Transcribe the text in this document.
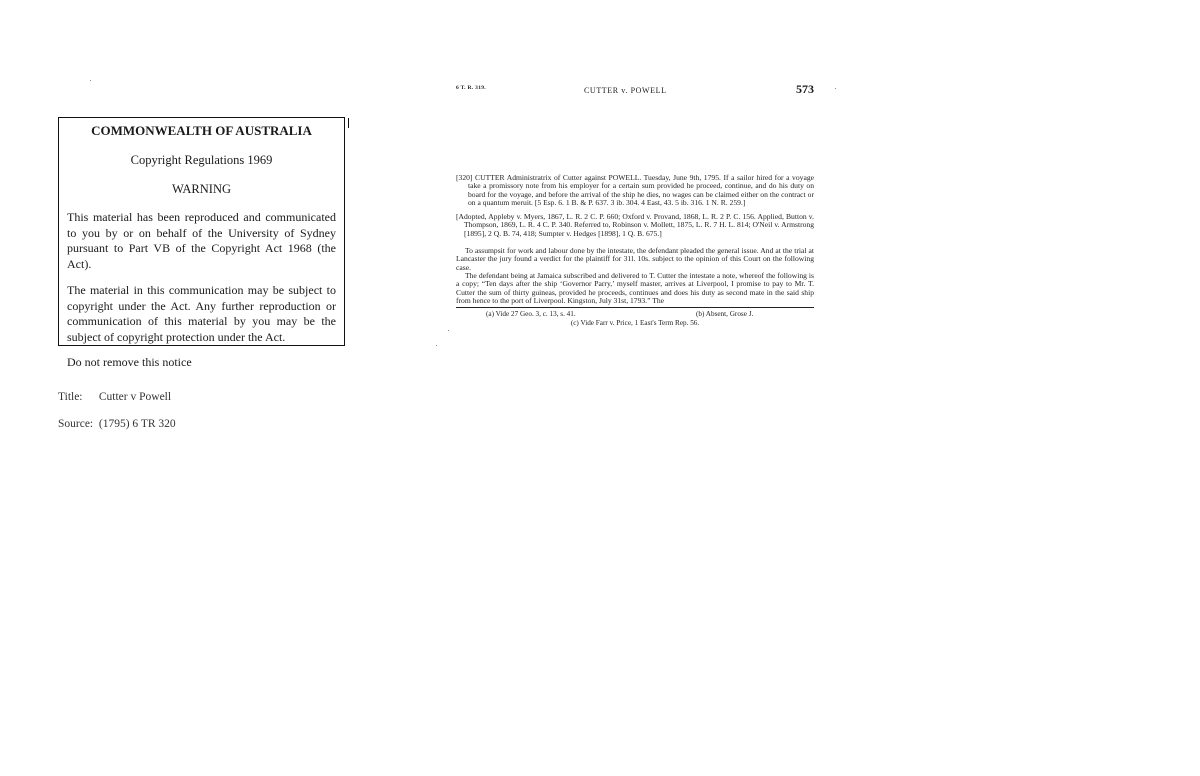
COMMONWEALTH OF AUSTRALIA
Copyright Regulations 1969
WARNING

This material has been reproduced and communicated to you by or on behalf of the University of Sydney pursuant to Part VB of the Copyright Act 1968 (the Act).

The material in this communication may be subject to copyright under the Act. Any further reproduction or communication of this material by you may be the subject of copyright protection under the Act.

Do not remove this notice

Title: Cutter v Powell
Source: (1795) 6 TR 320
6 T. R. 319.	CUTTER v. POWELL	573
[320] CUTTER Administratrix of Cutter against POWELL. Tuesday, June 9th, 1795. If a sailor hired for a voyage take a promissory note from his employer for a certain sum provided he proceed, continue, and do his duty on board for the voyage, and before the arrival of the ship he dies, no wages can be claimed either on the contract or on a quantum meruit. [5 Esp. 6. 1 B. & P. 637. 3 ib. 304. 4 East, 43. 5 ib. 316. 1 N. R. 259.]
[Adopted, Appleby v. Myers, 1867, L. R. 2 C. P. 660; Oxford v. Provand, 1868, L. R. 2 P. C. 156. Applied, Button v. Thompson, 1869, L. R. 4 C. P. 340. Referred to, Robinson v. Mollett, 1875, L. R. 7 H. L. 814; O'Neil v. Armstrong [1895], 2 Q. B. 74, 418; Sumpter v. Hedges [1898], 1 Q. B. 675.]
To assumpsit for work and labour done by the intestate, the defendant pleaded the general issue. And at the trial at Lancaster the jury found a verdict for the plaintiff for 31l. 10s. subject to the opinion of this Court on the following case.
The defendant being at Jamaica subscribed and delivered to T. Cutter the intestate a note, whereof the following is a copy; “Ten days after the ship ‘Governor Parry,’ myself master, arrives at Liverpool, I promise to pay to Mr. T. Cutter the sum of thirty guineas, provided he proceeds, continues and does his duty as second mate in the said ship from hence to the port of Liverpool. Kingston, July 31st, 1793.” The
(a) Vide 27 Geo. 3, c. 13, s. 41.	(b) Absent, Grose J.
(c) Vide Farr v. Price, 1 East's Term Rep. 56.
